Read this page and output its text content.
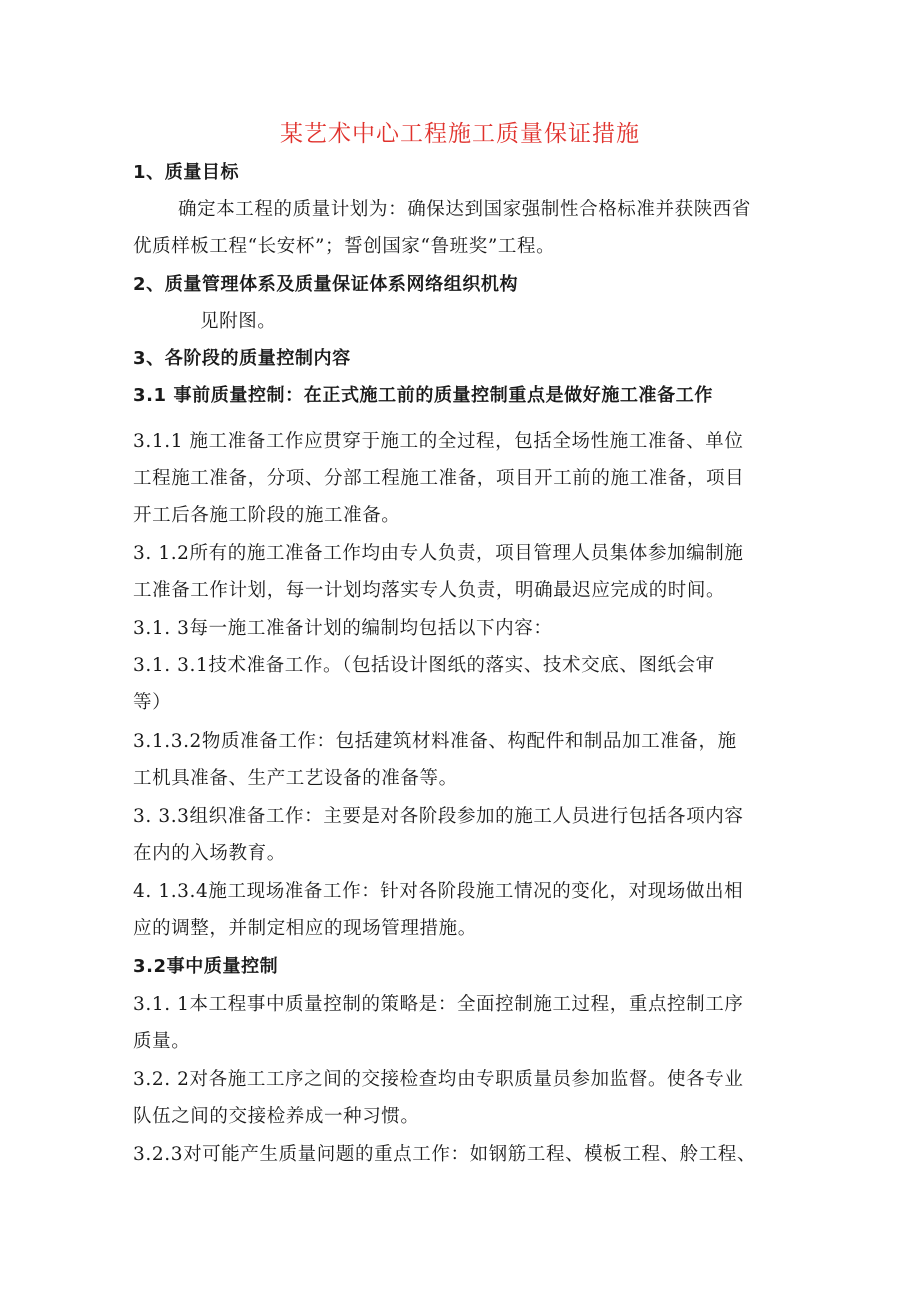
某艺术中心工程施工质量保证措施
1、质量目标
确定本工程的质量计划为：确保达到国家强制性合格标准并获陕西省
优质样板工程“长安杯”；誓创国家“鲁班奖”工程。
2、质量管理体系及质量保证体系网络组织机构
见附图。
3、各阶段的质量控制内容
3.1 事前质量控制：在正式施工前的质量控制重点是做好施工准备工作
3.1.1 施工准备工作应贯穿于施工的全过程，包括全场性施工准备、单位
工程施工准备，分项、分部工程施工准备，项目开工前的施工准备，项目
开工后各施工阶段的施工准备。
3. 1.2所有的施工准备工作均由专人负责，项目管理人员集体参加编制施
工准备工作计划，每一计划均落实专人负责，明确最迟应完成的时间。
3.1. 3每一施工准备计划的编制均包括以下内容：
3.1. 3.1技术准备工作。（包括设计图纸的落实、技术交底、图纸会审
等）
3.1.3.2物质准备工作：包括建筑材料准备、构配件和制品加工准备，施
工机具准备、生产工艺设备的准备等。
3. 3.3组织准备工作：主要是对各阶段参加的施工人员进行包括各项内容
在内的入场教育。
4. 1.3.4施工现场准备工作：针对各阶段施工情况的变化，对现场做出相
应的调整，并制定相应的现场管理措施。
3.2事中质量控制
3.1. 1本工程事中质量控制的策略是：全面控制施工过程，重点控制工序
质量。
3.2. 2对各施工工序之间的交接检查均由专职质量员参加监督。使各专业
队伍之间的交接检养成一种习惯。
3.2.3对可能产生质量问题的重点工作：如钢筋工程、模板工程、舲工程、
